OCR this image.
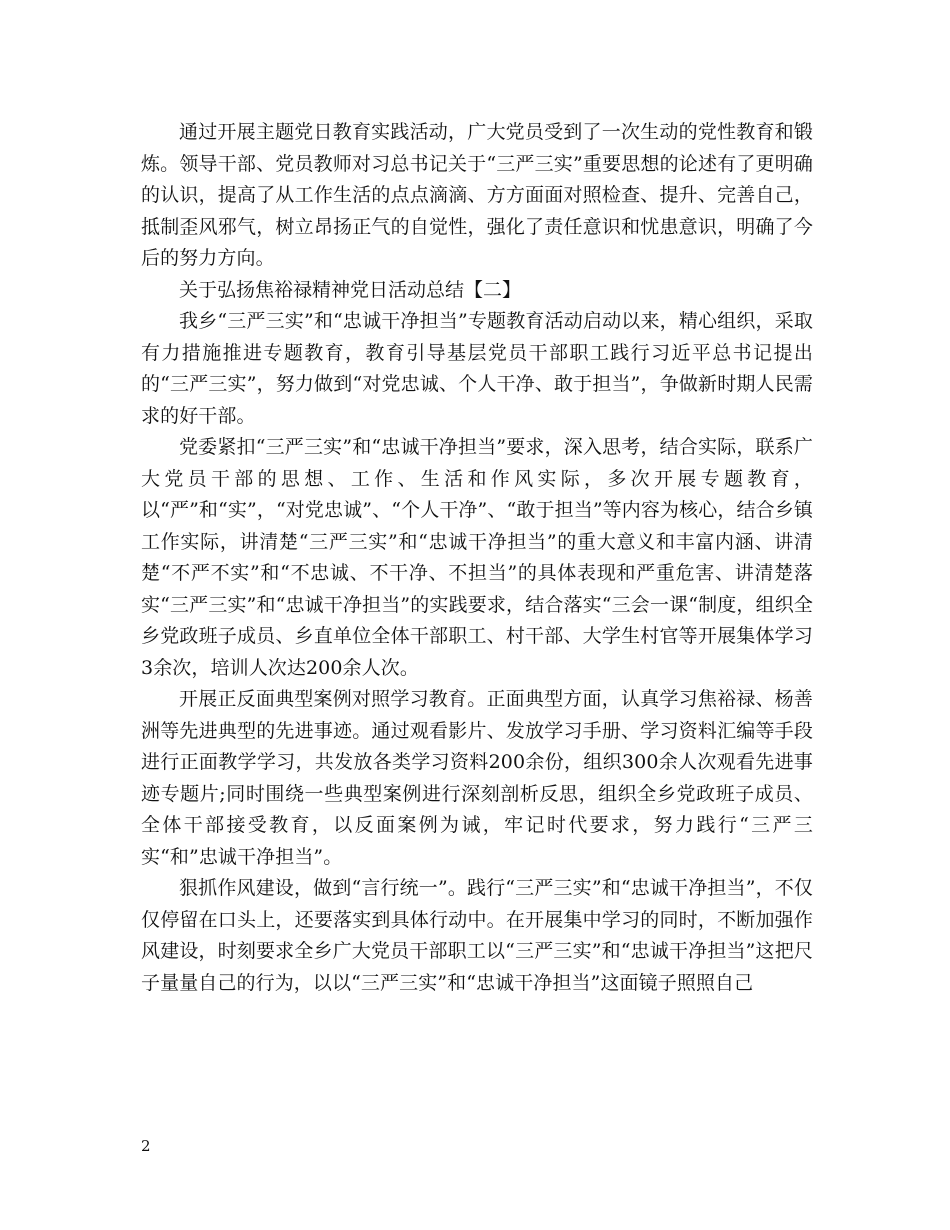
通过开展主题党日教育实践活动，广大党员受到了一次生动的党性教育和锻炼。领导干部、党员教师对习总书记关于“三严三实”重要思想的论述有了更明确的认识，提高了从工作生活的点点滴滴、方方面面对照检查、提升、完善自己，抵制歪风邪气，树立昂扬正气的自觉性，强化了责任意识和忧患意识，明确了今后的努力方向。

关于弘扬焦裕禄精神党日活动总结【二】

我乡“三严三实”和“忠诚干净担当”专题教育活动启动以来，精心组织，采取有力措施推进专题教育，教育引导基层党员干部职工践行习近平总书记提出的“三严三实”，努力做到“对党忠诚、个人干净、敢于担当”，争做新时期人民需求的好干部。

党委紧扣“三严三实”和“忠诚干净担当”要求，深入思考，结合实际，联系广大党员干部的思想、工作、生活和作风实际，多次开展专题教育，以“严”和“实”，“对党忠诚”、“个人干净”、“敢于担当”等内容为核心，结合乡镇工作实际，讲清楚“三严三实”和“忠诚干净担当”的重大意义和丰富内涵、讲清楚“不严不实”和“不忠诚、不干净、不担当”的具体表现和严重危害、讲清楚落实“三严三实”和“忠诚干净担当”的实践要求，结合落实“三会一课“制度，组织全乡党政班子成员、乡直单位全体干部职工、村干部、大学生村官等开展集体学习3余次，培训人次达200余人次。

开展正反面典型案例对照学习教育。正面典型方面，认真学习焦裕禄、杨善洲等先进典型的先进事迹。通过观看影片、发放学习手册、学习资料汇编等手段进行正面教学学习，共发放各类学习资料200余份，组织300余人次观看先进事迹专题片;同时围绕一些典型案例进行深刻剖析反思，组织全乡党政班子成员、全体干部接受教育，以反面案例为诫，牢记时代要求，努力践行“三严三实“和”忠诚干净担当”。

狠抓作风建设，做到“言行统一”。践行“三严三实”和“忠诚干净担当”，不仅仅停留在口头上，还要落实到具体行动中。在开展集中学习的同时，不断加强作风建设，时刻要求全乡广大党员干部职工以“三严三实”和“忠诚干净担当”这把尺子量量自己的行为，以以“三严三实”和“忠诚干净担当”这面镜子照照自己

2
